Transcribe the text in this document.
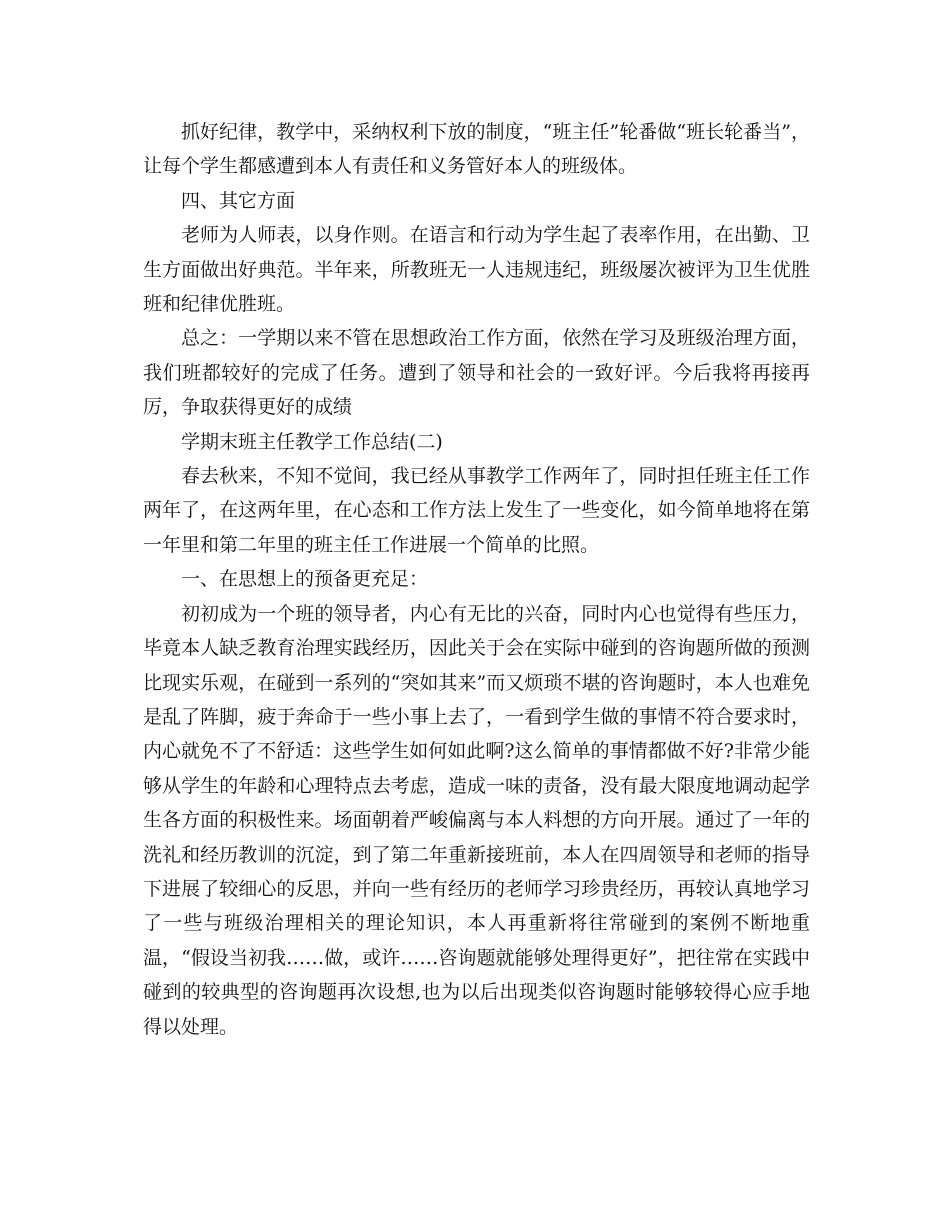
抓好纪律，教学中，采纳权利下放的制度，“班主任”轮番做“班长轮番当”，让每个学生都感遭到本人有责任和义务管好本人的班级体。

四、其它方面

老师为人师表，以身作则。在语言和行动为学生起了表率作用，在出勤、卫生方面做出好典范。半年来，所教班无一人违规违纪，班级屡次被评为卫生优胜班和纪律优胜班。

总之：一学期以来不管在思想政治工作方面，依然在学习及班级治理方面，我们班都较好的完成了任务。遭到了领导和社会的一致好评。今后我将再接再厉，争取获得更好的成绩

学期末班主任教学工作总结(二)

春去秋来，不知不觉间，我已经从事教学工作两年了，同时担任班主任工作两年了，在这两年里，在心态和工作方法上发生了一些变化，如今简单地将在第一年里和第二年里的班主任工作进展一个简单的比照。

一、在思想上的预备更充足：

初初成为一个班的领导者，内心有无比的兴奋，同时内心也觉得有些压力，毕竟本人缺乏教育治理实践经历，因此关于会在实际中碰到的咨询题所做的预测比现实乐观，在碰到一系列的“突如其来”而又烦琐不堪的咨询题时，本人也难免是乱了阵脚，疲于奔命于一些小事上去了，一看到学生做的事情不符合要求时，内心就免不了不舒适：这些学生如何如此啊?这么简单的事情都做不好?非常少能够从学生的年龄和心理特点去考虑，造成一味的责备，没有最大限度地调动起学生各方面的积极性来。场面朝着严峻偏离与本人料想的方向开展。通过了一年的洗礼和经历教训的沉淀，到了第二年重新接班前，本人在四周领导和老师的指导下进展了较细心的反思，并向一些有经历的老师学习珍贵经历，再较认真地学习了一些与班级治理相关的理论知识，本人再重新将往常碰到的案例不断地重温，“假设当初我……做，或许……咨询题就能够处理得更好”，把往常在实践中碰到的较典型的咨询题再次设想,也为以后出现类似咨询题时能够较得心应手地得以处理。
